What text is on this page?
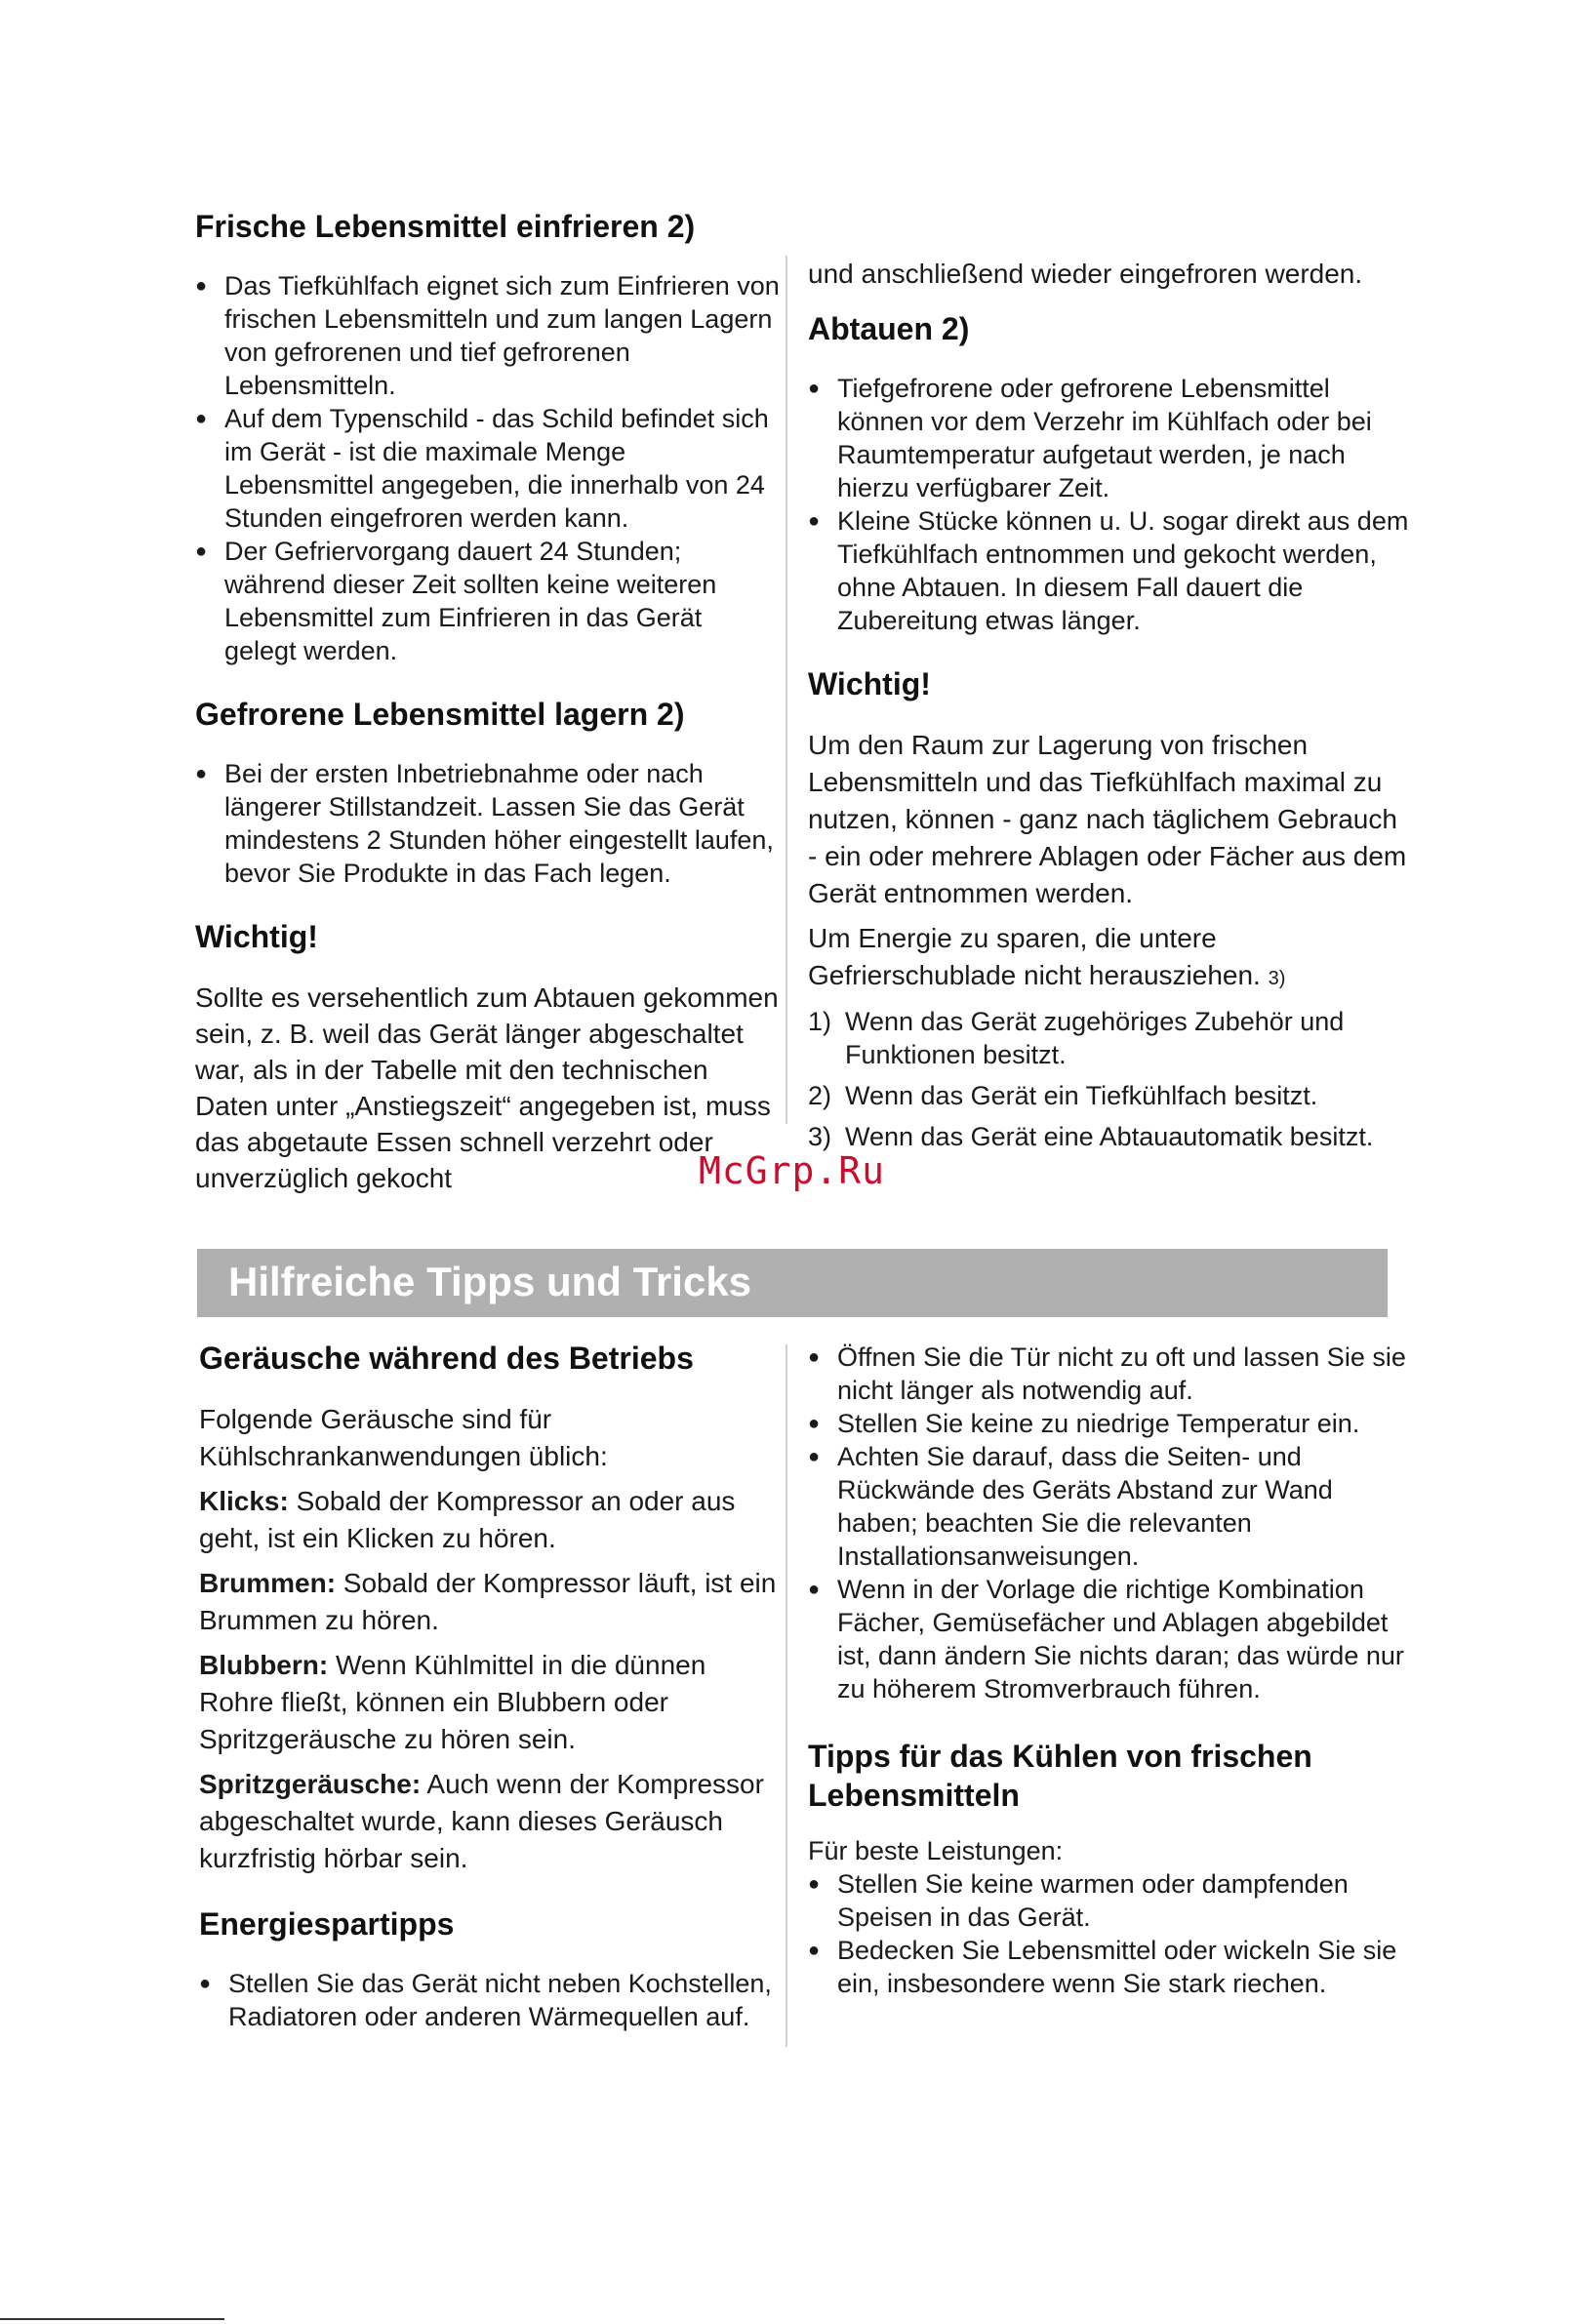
Frische Lebensmittel einfrieren 2)
● Das Tiefkühlfach eignet sich zum Einfrieren von frischen Lebensmitteln und zum langen Lagern von gefrorenen und tief gefrorenen Lebensmitteln.
● Auf dem Typenschild - das Schild befindet sich im Gerät - ist die maximale Menge Lebensmittel angegeben, die innerhalb von 24 Stunden eingefroren werden kann.
● Der Gefriervorgang dauert 24 Stunden; während dieser Zeit sollten keine weiteren Lebensmittel zum Einfrieren in das Gerät gelegt werden.
Gefrorene Lebensmittel lagern 2)
● Bei der ersten Inbetriebnahme oder nach längerer Stillstandzeit. Lassen Sie das Gerät mindestens 2 Stunden höher eingestellt laufen, bevor Sie Produkte in das Fach legen.
Wichtig!

Sollte es versehentlich zum Abtauen gekommen sein, z. B. weil das Gerät länger abgeschaltet war, als in der Tabelle mit den technischen Daten unter „Anstiegszeit“ angegeben ist, muss das abgetaute Essen schnell verzehrt oder unverzüglich gekocht

und anschließend wieder eingefroren werden.

Abtauen 2)
● Tiefgefrorene oder gefrorene Lebensmittel können vor dem Verzehr im Kühlfach oder bei Raumtemperatur aufgetaut werden, je nach hierzu verfügbarer Zeit.
● Kleine Stücke können u. U. sogar direkt aus dem Tiefkühlfach entnommen und gekocht werden, ohne Abtauen. In diesem Fall dauert die Zubereitung etwas länger.
Wichtig!

Um den Raum zur Lagerung von frischen Lebensmitteln und das Tiefkühlfach maximal zu nutzen, können - ganz nach täglichem Gebrauch - ein oder mehrere Ablagen oder Fächer aus dem Gerät entnommen werden.

Um Energie zu sparen, die untere Gefrierschublade nicht herausziehen. 3)

1) Wenn das Gerät zugehöriges Zubehör und Funktionen besitzt.
2) Wenn das Gerät ein Tiefkühlfach besitzt.
3) Wenn das Gerät eine Abtauautomatik besitzt.
McGrp.Ru
Hilfreiche Tipps und Tricks
Geräusche während des Betriebs

Folgende Geräusche sind für Kühlschrankanwendungen üblich:

Klicks: Sobald der Kompressor an oder aus geht, ist ein Klicken zu hören.

Brummen: Sobald der Kompressor läuft, ist ein Brummen zu hören.

Blubbern: Wenn Kühlmittel in die dünnen Rohre fließt, können ein Blubbern oder Spritzgeräusche zu hören sein.

Spritzgeräusche: Auch wenn der Kompressor abgeschaltet wurde, kann dieses Geräusch kurzfristig hörbar sein.

Energiespartipps
● Stellen Sie das Gerät nicht neben Kochstellen, Radiatoren oder anderen Wärmequellen auf.
● Öffnen Sie die Tür nicht zu oft und lassen Sie sie nicht länger als notwendig auf.
● Stellen Sie keine zu niedrige Temperatur ein.
● Achten Sie darauf, dass die Seiten- und Rückwände des Geräts Abstand zur Wand haben; beachten Sie die relevanten Installationsanweisungen.
● Wenn in der Vorlage die richtige Kombination Fächer, Gemüsefächer und Ablagen abgebildet ist, dann ändern Sie nichts daran; das würde nur zu höherem Stromverbrauch führen.
Tipps für das Kühlen von frischen Lebensmitteln

Für beste Leistungen:

● Stellen Sie keine warmen oder dampfenden Speisen in das Gerät.
● Bedecken Sie Lebensmittel oder wickeln Sie sie ein, insbesondere wenn Sie stark riechen.
